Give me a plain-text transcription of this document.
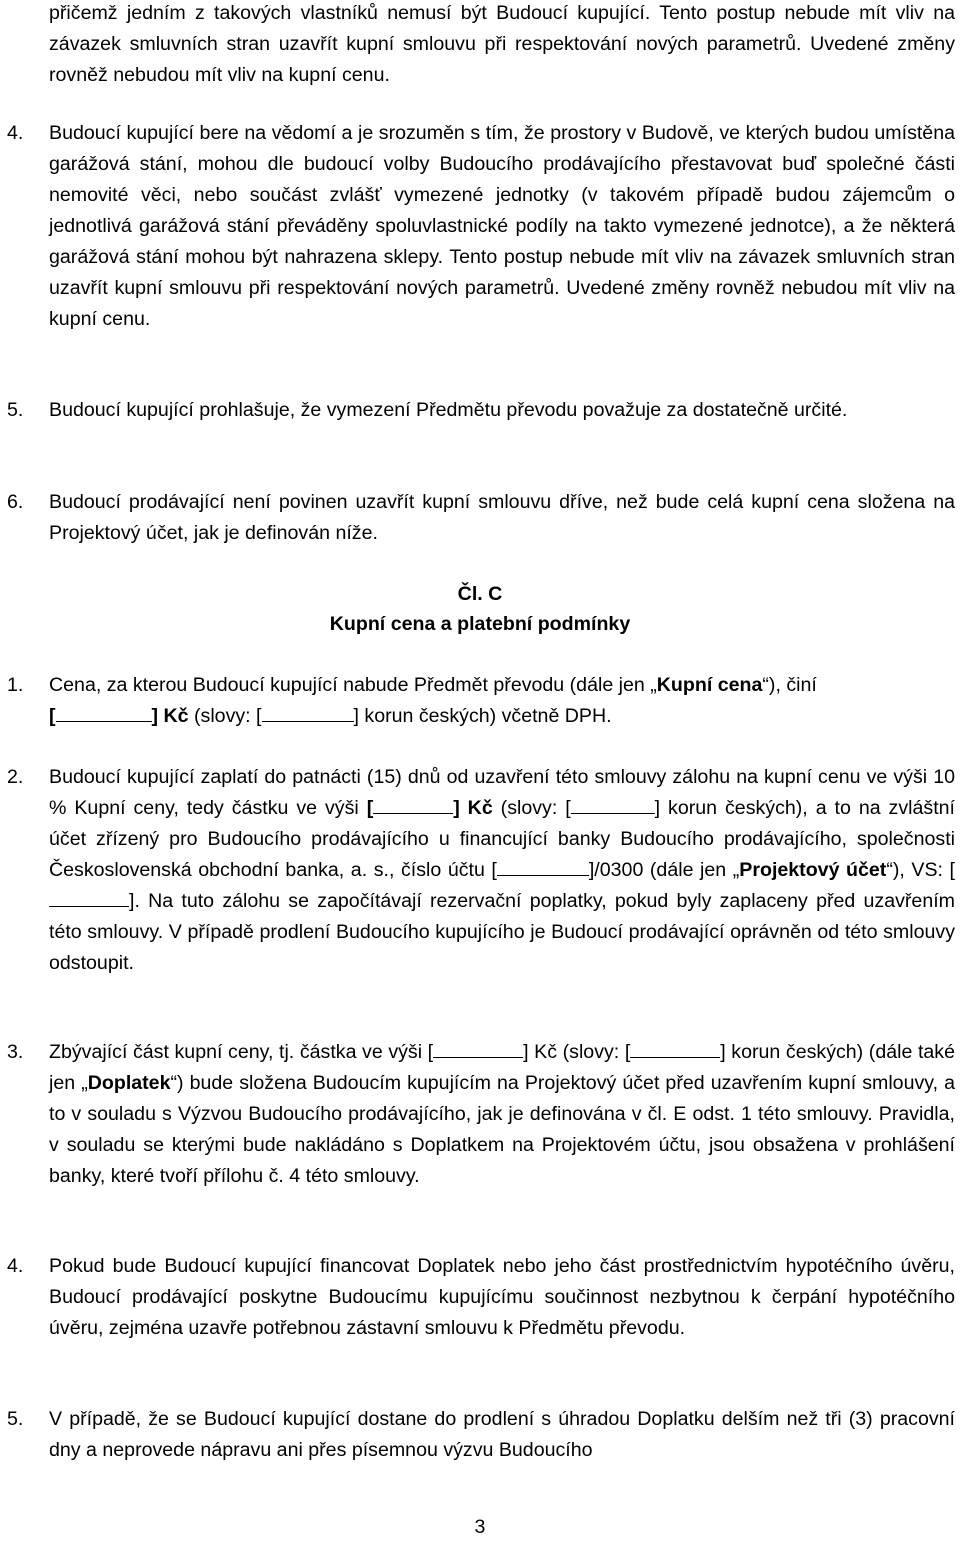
přičemž jedním z takových vlastníků nemusí být Budoucí kupující. Tento postup nebude mít vliv na závazek smluvních stran uzavřít kupní smlouvu při respektování nových parametrů. Uvedené změny rovněž nebudou mít vliv na kupní cenu.
4. Budoucí kupující bere na vědomí a je srozuměn s tím, že prostory v Budově, ve kterých budou umístěna garážová stání, mohou dle budoucí volby Budoucího prodávajícího přestavovat buď společné části nemovité věci, nebo součást zvlášť vymezené jednotky (v takovém případě budou zájemcům o jednotlivá garážová stání převáděny spoluvlastnické podíly na takto vymezené jednotce), a že některá garážová stání mohou být nahrazena sklepy. Tento postup nebude mít vliv na závazek smluvních stran uzavřít kupní smlouvu při respektování nových parametrů. Uvedené změny rovněž nebudou mít vliv na kupní cenu.
5. Budoucí kupující prohlašuje, že vymezení Předmětu převodu považuje za dostatečně určité.
6. Budoucí prodávající není povinen uzavřít kupní smlouvu dříve, než bude celá kupní cena složena na Projektový účet, jak je definován níže.
Čl. C
Kupní cena a platební podmínky
1. Cena, za kterou Budoucí kupující nabude Předmět převodu (dále jen „Kupní cena“), činí
[	] Kč (slovy: [	] korun českých) včetně DPH.
2. Budoucí kupující zaplatí do patnácti (15) dnů od uzavření této smlouvy zálohu na kupní cenu ve výši 10 % Kupní ceny, tedy částku ve výši [	] Kč (slovy: [	] korun českých), a to na zvláštní účet zřízený pro Budoucího prodávajícího u financující banky Budoucího prodávajícího, společnosti Československá obchodní banka, a. s., číslo účtu [	]/0300 (dále jen „Projektový účet“), VS: []. Na tuto zálohu se započítávají rezervační poplatky, pokud byly zaplaceny před uzavřením této smlouvy. V případě prodlení Budoucího kupujícího je Budoucí prodávající oprávněn od této smlouvy odstoupit.
3. Zbývající část kupní ceny, tj. částka ve výši [	] Kč (slovy: [	] korun českých) (dále také jen „Doplatek“) bude složena Budoucím kupujícím na Projektový účet před uzavřením kupní smlouvy, a to v souladu s Výzvou Budoucího prodávajícího, jak je definována v čl. E odst. 1 této smlouvy. Pravidla, v souladu se kterými bude nakládáno s Doplatkem na Projektovém účtu, jsou obsažena v prohlášení banky, které tvoří přílohu č. 4 této smlouvy.
4. Pokud bude Budoucí kupující financovat Doplatek nebo jeho část prostřednictvím hypotéčního úvěru, Budoucí prodávající poskytne Budoucímu kupujícímu součinnost nezbytnou k čerpání hypotéčního úvěru, zejména uzavře potřebnou zástavní smlouvu k Předmětu převodu.
5. V případě, že se Budoucí kupující dostane do prodlení s úhradou Doplatku delším než tři (3) pracovní dny a neprovede nápravu ani přes písemnou výzvu Budoucího
3
